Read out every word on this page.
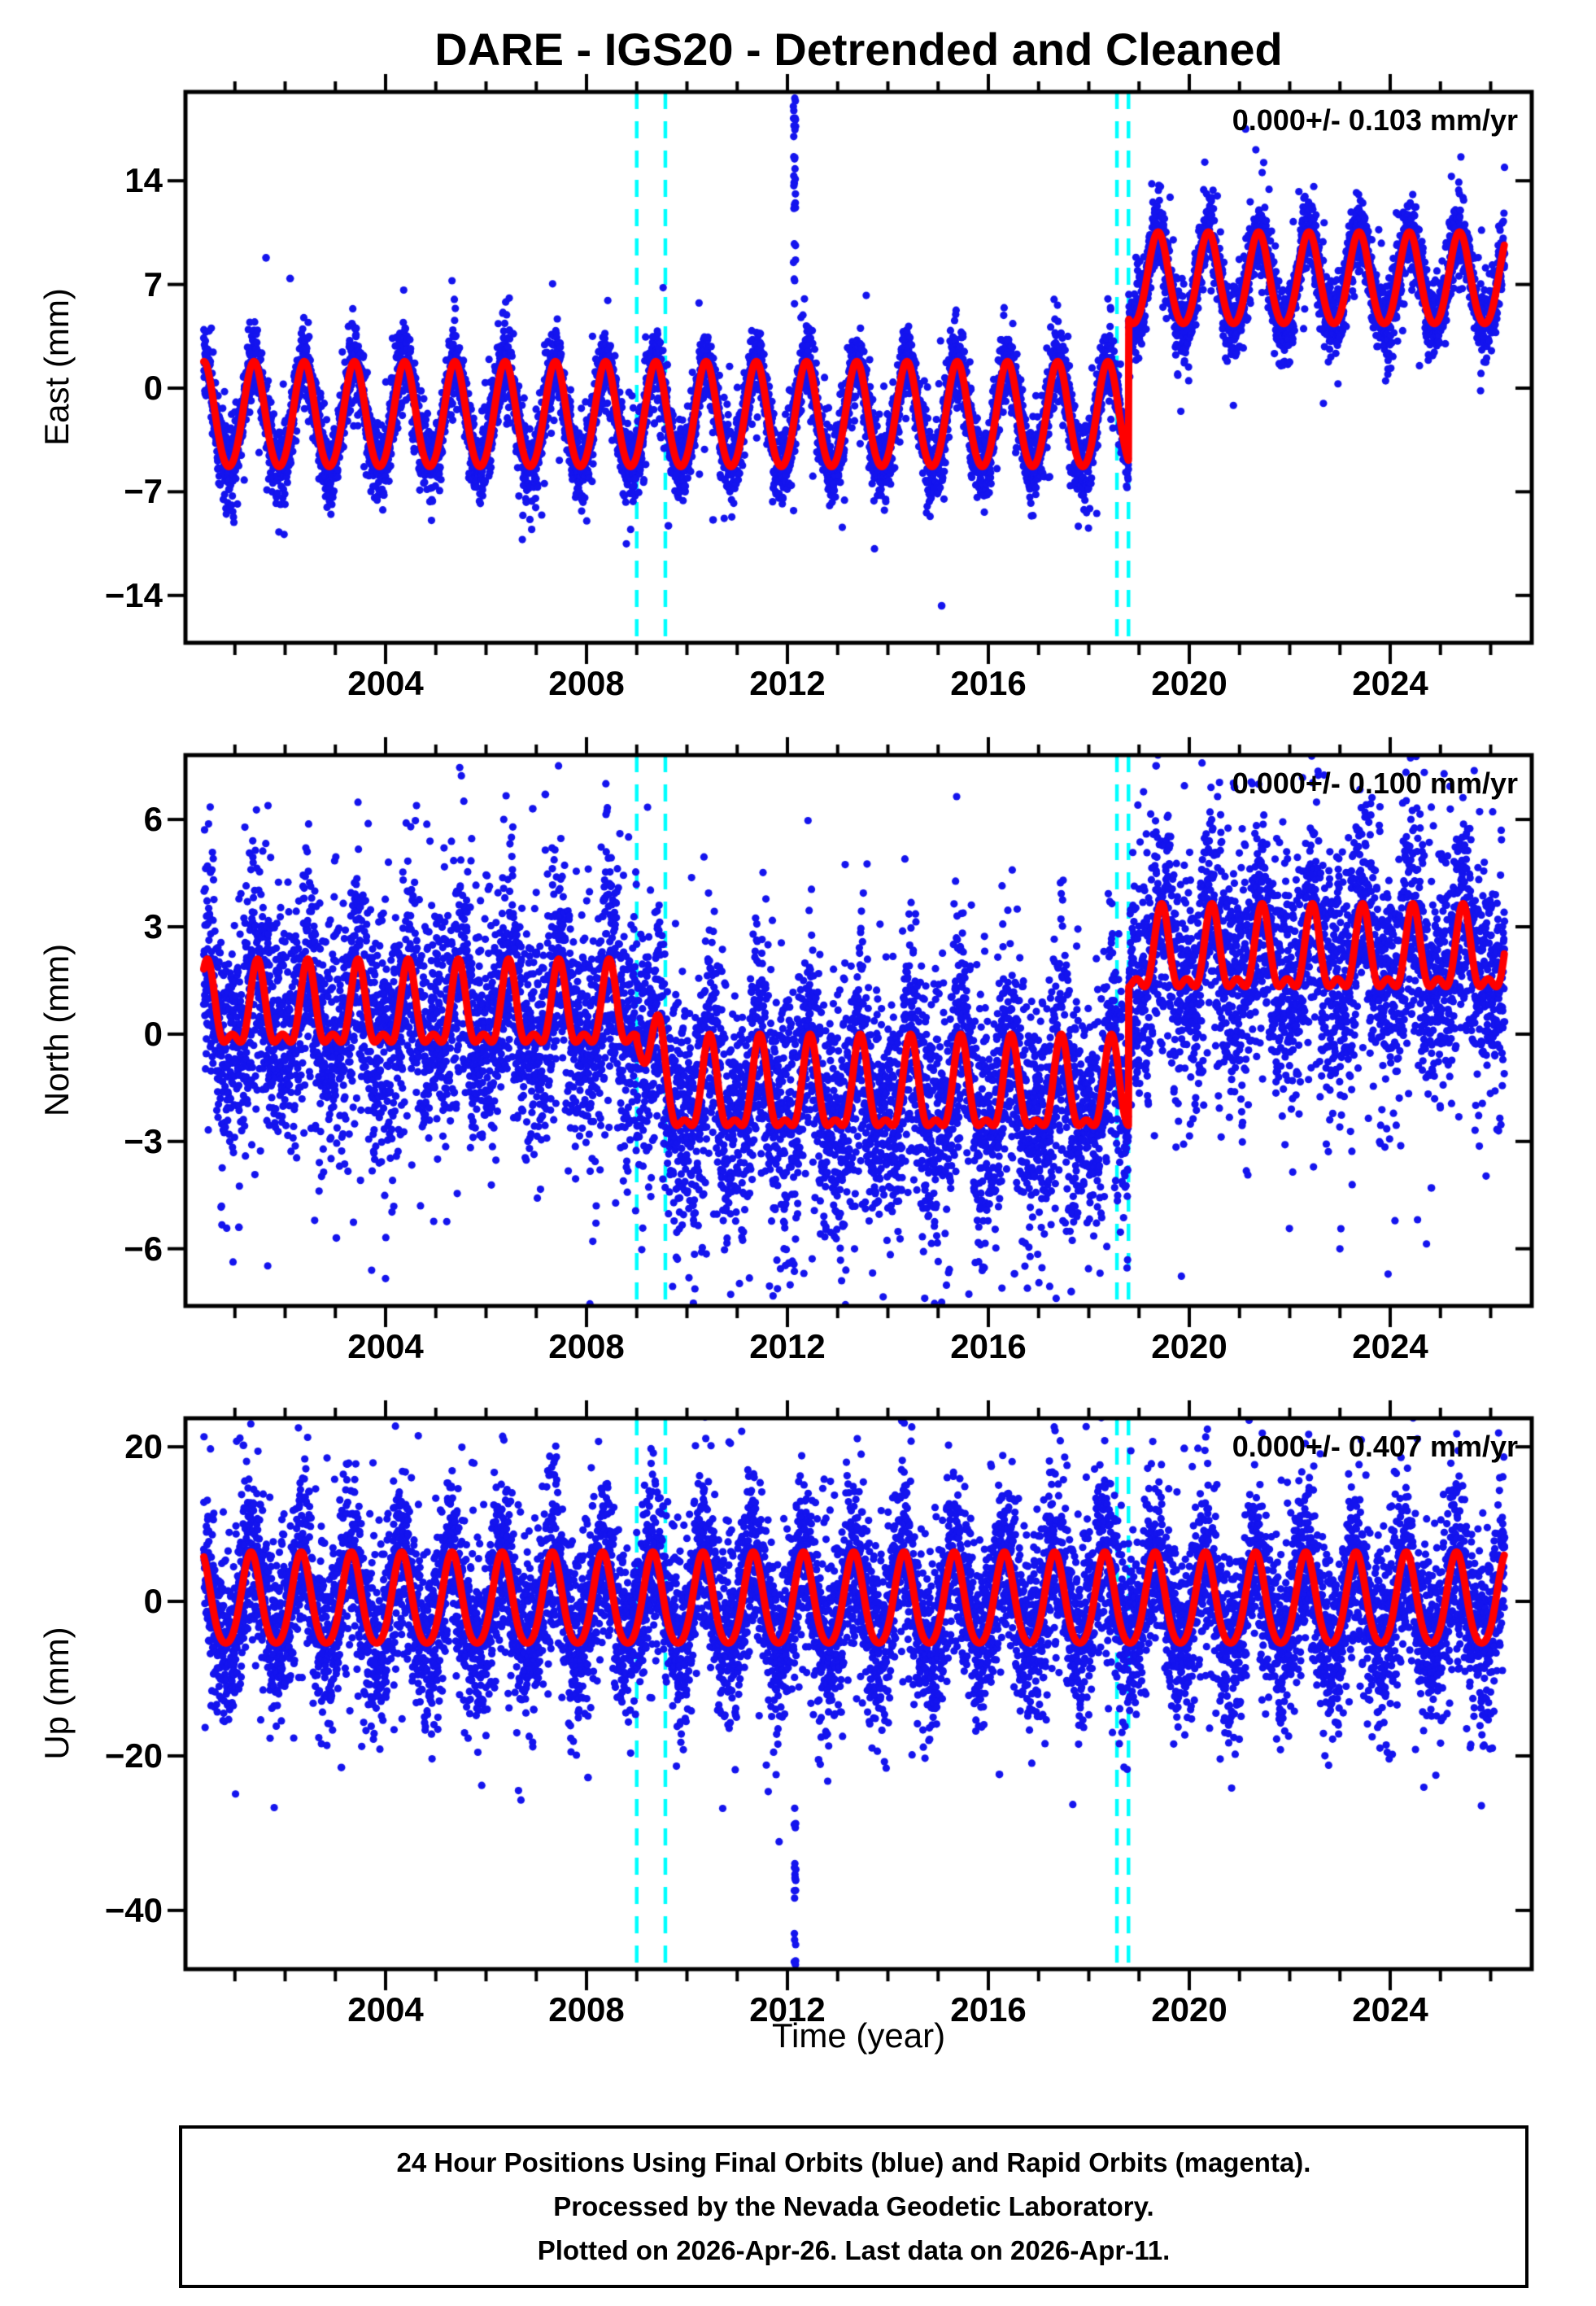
DARE - IGS20 - Detrended and Cleaned
0.000+/- 0.103 mm/yr
0.000+/- 0.100 mm/yr
0.000+/- 0.407 mm/yr
East (mm)
North (mm)
Up (mm)
Time (year)
2004	2008	2012	2016	2020	2024
14
7
0
−7
−14
2004	2008	2012	2016	2020	2024
6
3
0
−3
−6
2004	2008	2012	2016	2020	2024
20
0
−20
−40
24 Hour Positions Using Final Orbits (blue) and Rapid Orbits (magenta).
Processed by the Nevada Geodetic Laboratory.
Plotted on 2026-Apr-26. Last data on 2026-Apr-11.
